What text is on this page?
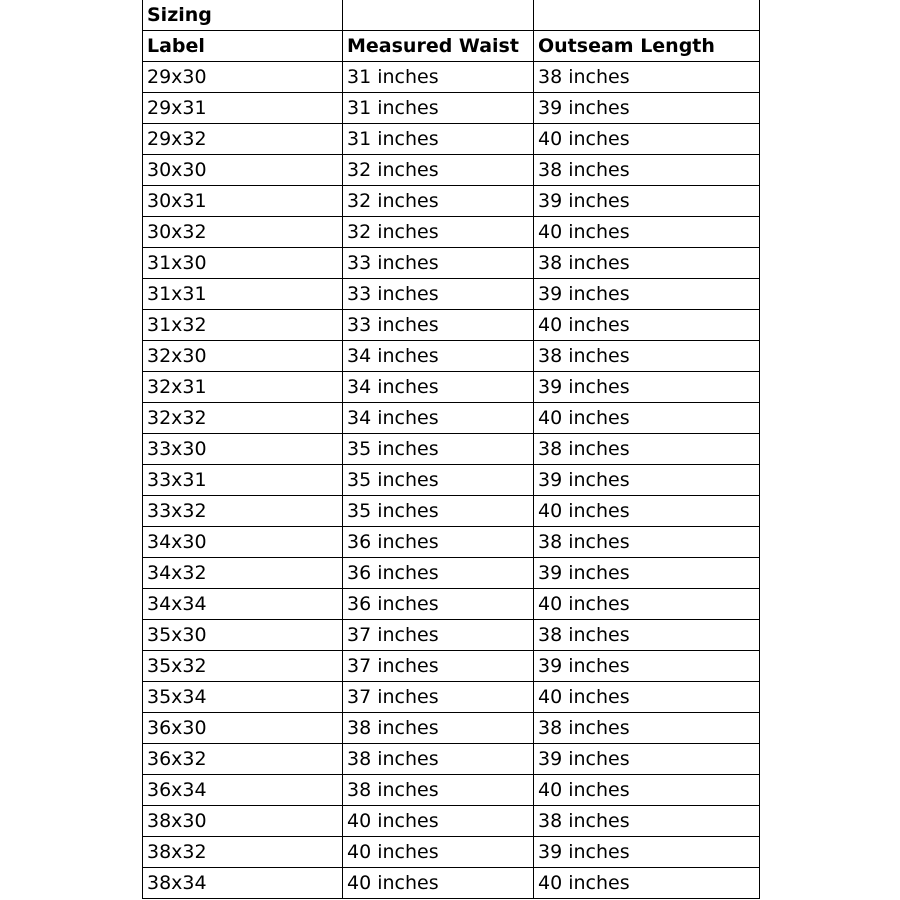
Sizing		
Label	Measured Waist	Outseam Length
29x30	31 inches	38 inches
29x31	31 inches	39 inches
29x32	31 inches	40 inches
30x30	32 inches	38 inches
30x31	32 inches	39 inches
30x32	32 inches	40 inches
31x30	33 inches	38 inches
31x31	33 inches	39 inches
31x32	33 inches	40 inches
32x30	34 inches	38 inches
32x31	34 inches	39 inches
32x32	34 inches	40 inches
33x30	35 inches	38 inches
33x31	35 inches	39 inches
33x32	35 inches	40 inches
34x30	36 inches	38 inches
34x32	36 inches	39 inches
34x34	36 inches	40 inches
35x30	37 inches	38 inches
35x32	37 inches	39 inches
35x34	37 inches	40 inches
36x30	38 inches	38 inches
36x32	38 inches	39 inches
36x34	38 inches	40 inches
38x30	40 inches	38 inches
38x32	40 inches	39 inches
38x34	40 inches	40 inches
